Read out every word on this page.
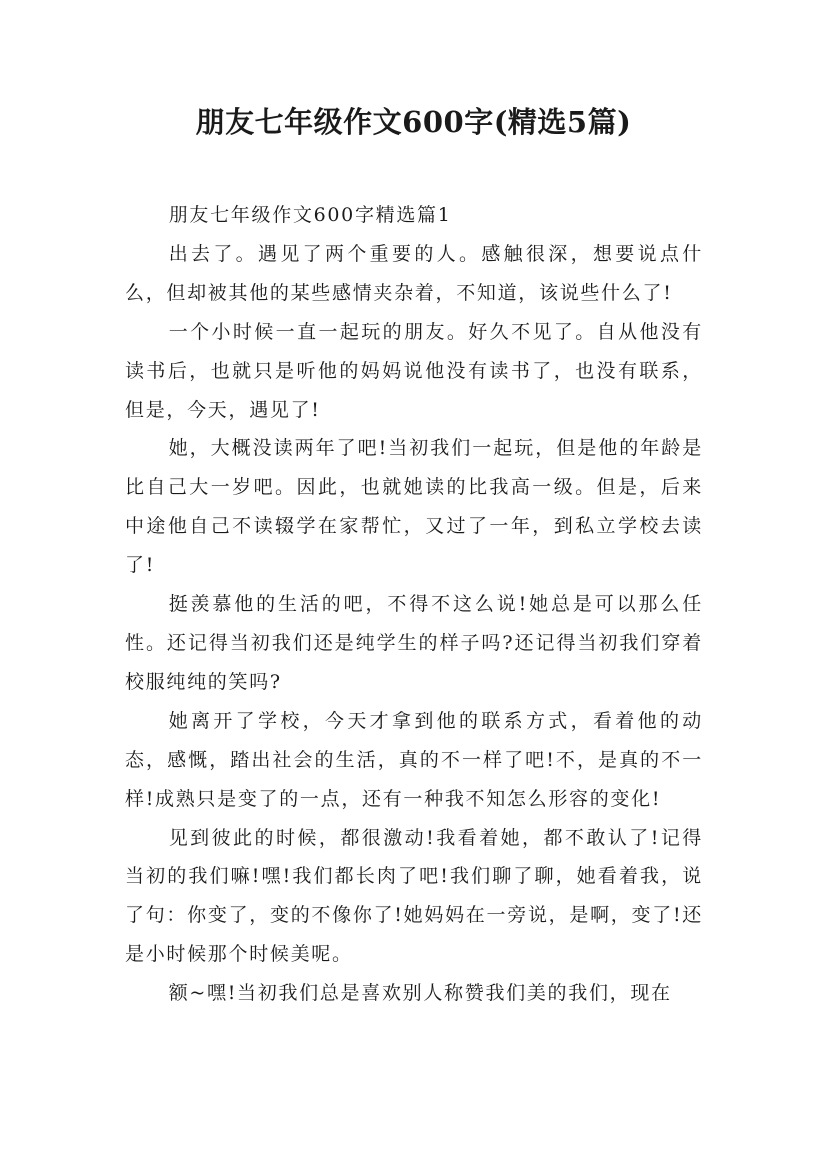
朋友七年级作文600字(精选5篇)

朋友七年级作文600字精选篇1

出去了。遇见了两个重要的人。感触很深，想要说点什么，但却被其他的某些感情夹杂着，不知道，该说些什么了!

一个小时候一直一起玩的朋友。好久不见了。自从他没有读书后，也就只是听他的妈妈说他没有读书了，也没有联系，但是，今天，遇见了!

她，大概没读两年了吧!当初我们一起玩，但是他的年龄是比自己大一岁吧。因此，也就她读的比我高一级。但是，后来中途他自己不读辍学在家帮忙，又过了一年，到私立学校去读了!

挺羡慕他的生活的吧，不得不这么说!她总是可以那么任性。还记得当初我们还是纯学生的样子吗?还记得当初我们穿着校服纯纯的笑吗?

她离开了学校，今天才拿到他的联系方式，看着他的动态，感慨，踏出社会的生活，真的不一样了吧!不，是真的不一样!成熟只是变了的一点，还有一种我不知怎么形容的变化!

见到彼此的时候，都很激动!我看着她，都不敢认了!记得当初的我们嘛!嘿!我们都长肉了吧!我们聊了聊，她看着我，说了句：你变了，变的不像你了!她妈妈在一旁说，是啊，变了!还是小时候那个时候美呢。

额~嘿!当初我们总是喜欢别人称赞我们美的我们，现在
